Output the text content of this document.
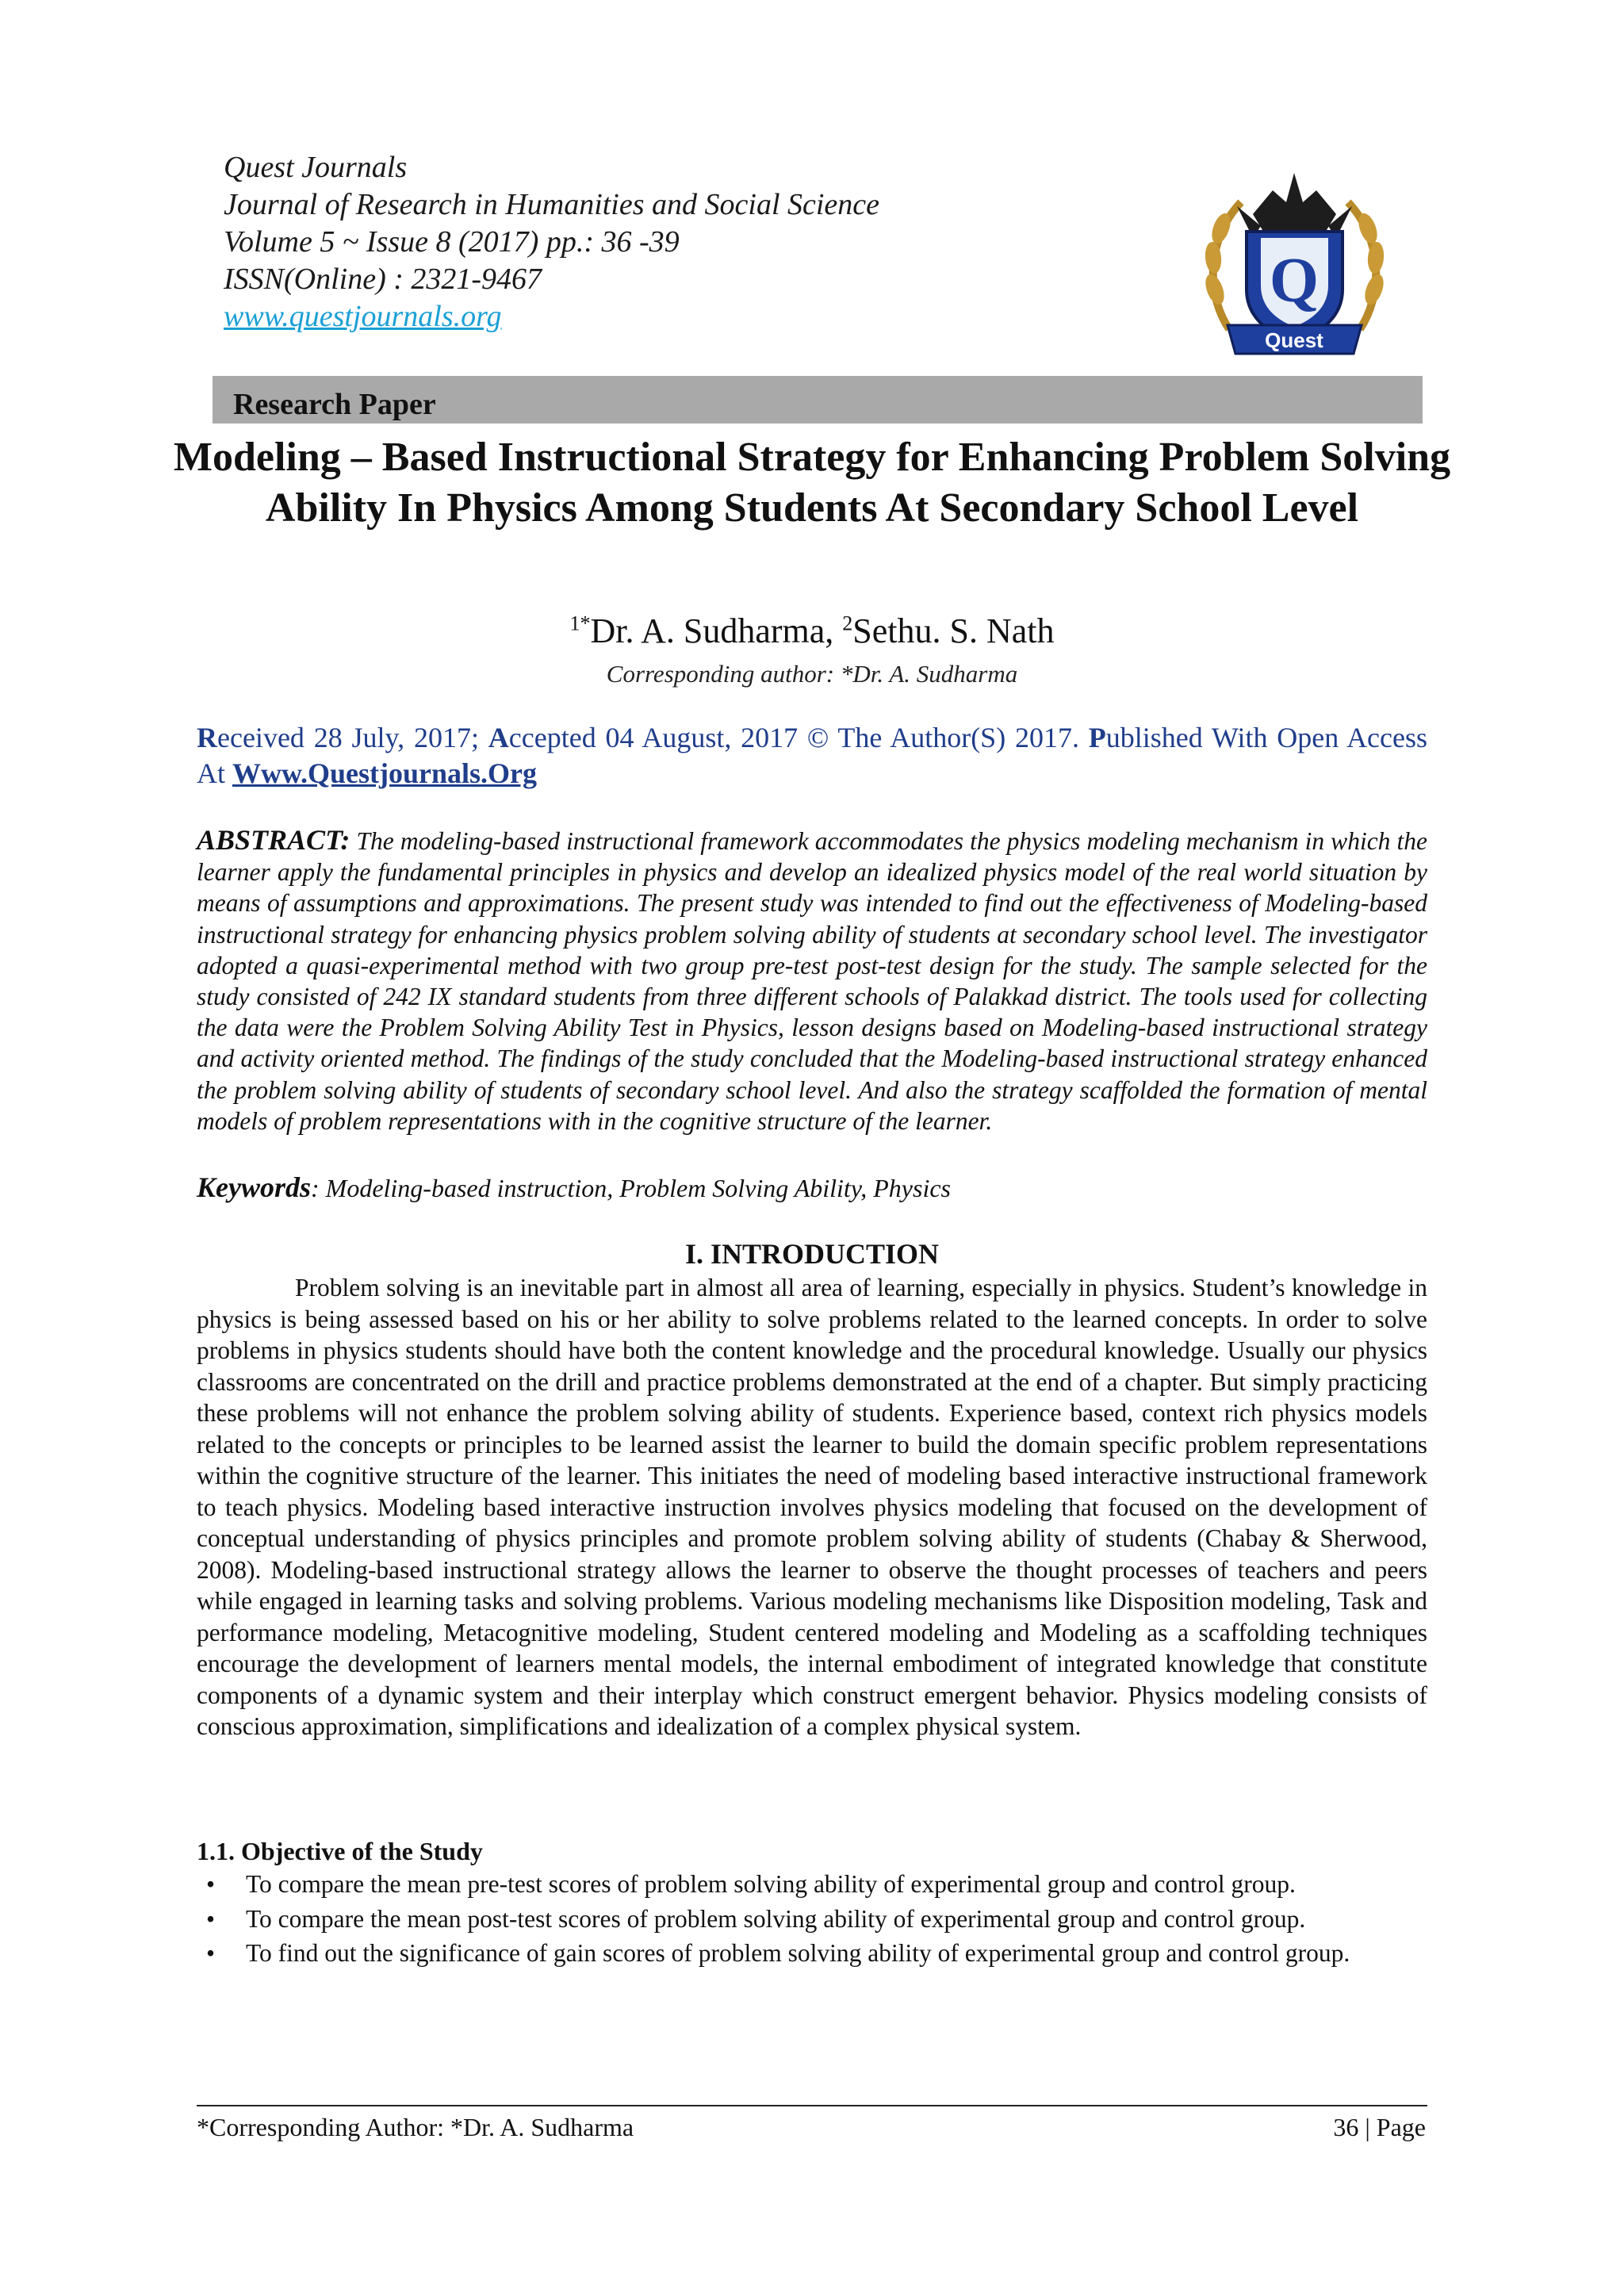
Quest Journals
Journal of Research in Humanities and Social Science
Volume 5 ~ Issue 8 (2017) pp.: 36 -39
ISSN(Online) : 2321-9467
www.questjournals.org
Q
Quest
Research Paper
Modeling – Based Instructional Strategy for Enhancing Problem Solving Ability In Physics Among Students At Secondary School Level
$^{1*}$Dr. A. Sudharma, $^2$Sethu. S. Nath
Corresponding author: *Dr. A. Sudharma
Received 28 July, 2017; Accepted 04 August, 2017 © The Author(S) 2017. Published With Open Access At Www.Questjournals.Org
ABSTRACT: The modeling-based instructional framework accommodates the physics modeling mechanism in which the learner apply the fundamental principles in physics and develop an idealized physics model of the real world situation by means of assumptions and approximations. The present study was intended to find out the effectiveness of Modeling-based instructional strategy for enhancing physics problem solving ability of students at secondary school level. The investigator adopted a quasi-experimental method with two group pre-test post-test design for the study. The sample selected for the study consisted of 242 IX standard students from three different schools of Palakkad district. The tools used for collecting the data were the Problem Solving Ability Test in Physics, lesson designs based on Modeling-based instructional strategy and activity oriented method. The findings of the study concluded that the Modeling-based instructional strategy enhanced the problem solving ability of students of secondary school level. And also the strategy scaffolded the formation of mental models of problem representations with in the cognitive structure of the learner.
Keywords: Modeling-based instruction, Problem Solving Ability, Physics
I. INTRODUCTION
Problem solving is an inevitable part in almost all area of learning, especially in physics. Student’s knowledge in physics is being assessed based on his or her ability to solve problems related to the learned concepts. In order to solve problems in physics students should have both the content knowledge and the procedural knowledge. Usually our physics classrooms are concentrated on the drill and practice problems demonstrated at the end of a chapter. But simply practicing these problems will not enhance the problem solving ability of students. Experience based, context rich physics models related to the concepts or principles to be learned assist the learner to build the domain specific problem representations within the cognitive structure of the learner. This initiates the need of modeling based interactive instructional framework to teach physics. Modeling based interactive instruction involves physics modeling that focused on the development of conceptual understanding of physics principles and promote problem solving ability of students (Chabay & Sherwood, 2008). Modeling-based instructional strategy allows the learner to observe the thought processes of teachers and peers while engaged in learning tasks and solving problems. Various modeling mechanisms like Disposition modeling, Task and performance modeling, Metacognitive modeling, Student centered modeling and Modeling as a scaffolding techniques encourage the development of learners mental models, the internal embodiment of integrated knowledge that constitute components of a dynamic system and their interplay which construct emergent behavior. Physics modeling consists of conscious approximation, simplifications and idealization of a complex physical system.
1.1. Objective of the Study
• To compare the mean pre-test scores of problem solving ability of experimental group and control group.
• To compare the mean post-test scores of problem solving ability of experimental group and control group.
• To find out the significance of gain scores of problem solving ability of experimental group and control group.
*Corresponding Author: *Dr. A. Sudharma	36 | Page
